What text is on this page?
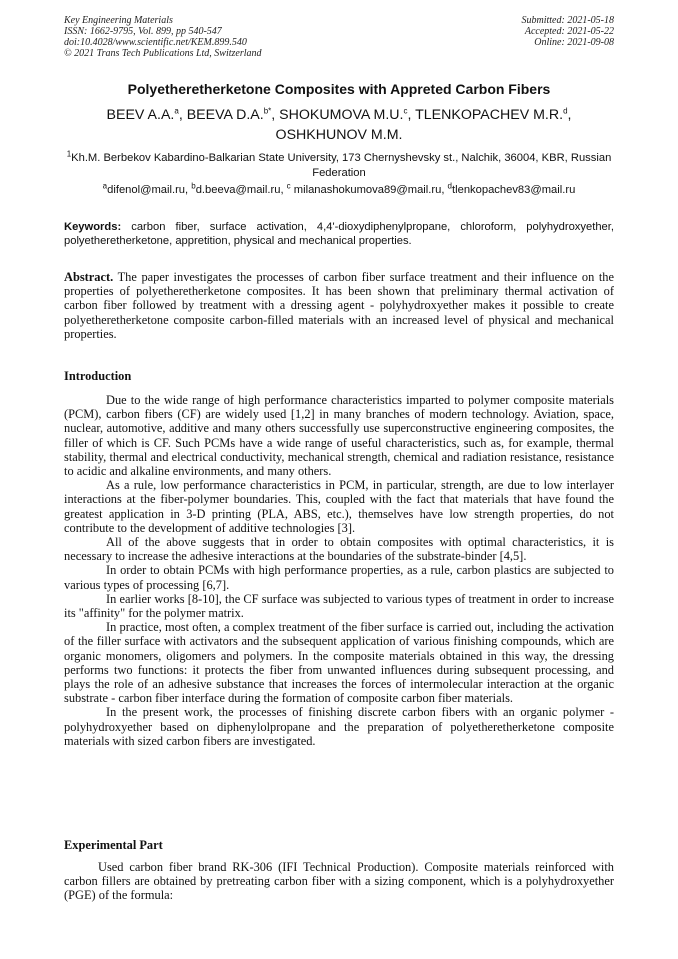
Key Engineering Materials
ISSN: 1662-9795, Vol. 899, pp 540-547
doi:10.4028/www.scientific.net/KEM.899.540
© 2021 Trans Tech Publications Ltd, Switzerland
Submitted: 2021-05-18
Accepted: 2021-05-22
Online: 2021-09-08
Polyetheretherketone Composites with Appreted Carbon Fibers
BEEV A.A.$^a$, BEEVA D.A.$^{b*}$, SHOKUMOVA M.U.$^c$, TLENKOPACHEV M.R.$^d$,
OSHKHUNOV M.M.
$^1$Kh.M. Berbekov Kabardino-Balkarian State University, 173 Chernyshevsky st., Nalchik, 36004, KBR, Russian Federation
$^a$difenol@mail.ru, $^b$d.beeva@mail.ru, $^c$ milanashokumova89@mail.ru, $^d$tlenkopachev83@mail.ru
Keywords: carbon fiber, surface activation, 4,4'-dioxydiphenylpropane, chloroform, polyhydroxyether, polyetheretherketone, appretition, physical and mechanical properties.
Abstract. The paper investigates the processes of carbon fiber surface treatment and their influence on the properties of polyetheretherketone composites. It has been shown that preliminary thermal activation of carbon fiber followed by treatment with a dressing agent - polyhydroxyether makes it possible to create polyetheretherketone composite carbon-filled materials with an increased level of physical and mechanical properties.
Introduction

Due to the wide range of high performance characteristics imparted to polymer composite materials (PCM), carbon fibers (CF) are widely used [1,2] in many branches of modern technology. Aviation, space, nuclear, automotive, additive and many others successfully use superconstructive engineering composites, the filler of which is CF. Such PCMs have a wide range of useful characteristics, such as, for example, thermal stability, thermal and electrical conductivity, mechanical strength, chemical and radiation resistance, resistance to acidic and alkaline environments, and many others.

As a rule, low performance characteristics in PCM, in particular, strength, are due to low interlayer interactions at the fiber-polymer boundaries. This, coupled with the fact that materials that have found the greatest application in 3-D printing (PLA, ABS, etc.), themselves have low strength properties, do not contribute to the development of additive technologies [3].

All of the above suggests that in order to obtain composites with optimal characteristics, it is necessary to increase the adhesive interactions at the boundaries of the substrate-binder [4,5].

In order to obtain PCMs with high performance properties, as a rule, carbon plastics are subjected to various types of processing [6,7].

In earlier works [8-10], the CF surface was subjected to various types of treatment in order to increase its "affinity" for the polymer matrix.

In practice, most often, a complex treatment of the fiber surface is carried out, including the activation of the filler surface with activators and the subsequent application of various finishing compounds, which are organic monomers, oligomers and polymers. In the composite materials obtained in this way, the dressing performs two functions: it protects the fiber from unwanted influences during subsequent processing, and plays the role of an adhesive substance that increases the forces of intermolecular interaction at the organic substrate - carbon fiber interface during the formation of composite carbon fiber materials.

In the present work, the processes of finishing discrete carbon fibers with an organic polymer - polyhydroxyether based on diphenylolpropane and the preparation of polyetheretherketone composite materials with sized carbon fibers are investigated.

Experimental Part

Used carbon fiber brand RK-306 (IFI Technical Production). Composite materials reinforced with carbon fillers are obtained by pretreating carbon fiber with a sizing component, which is a polyhydroxyether (PGE) of the formula:
